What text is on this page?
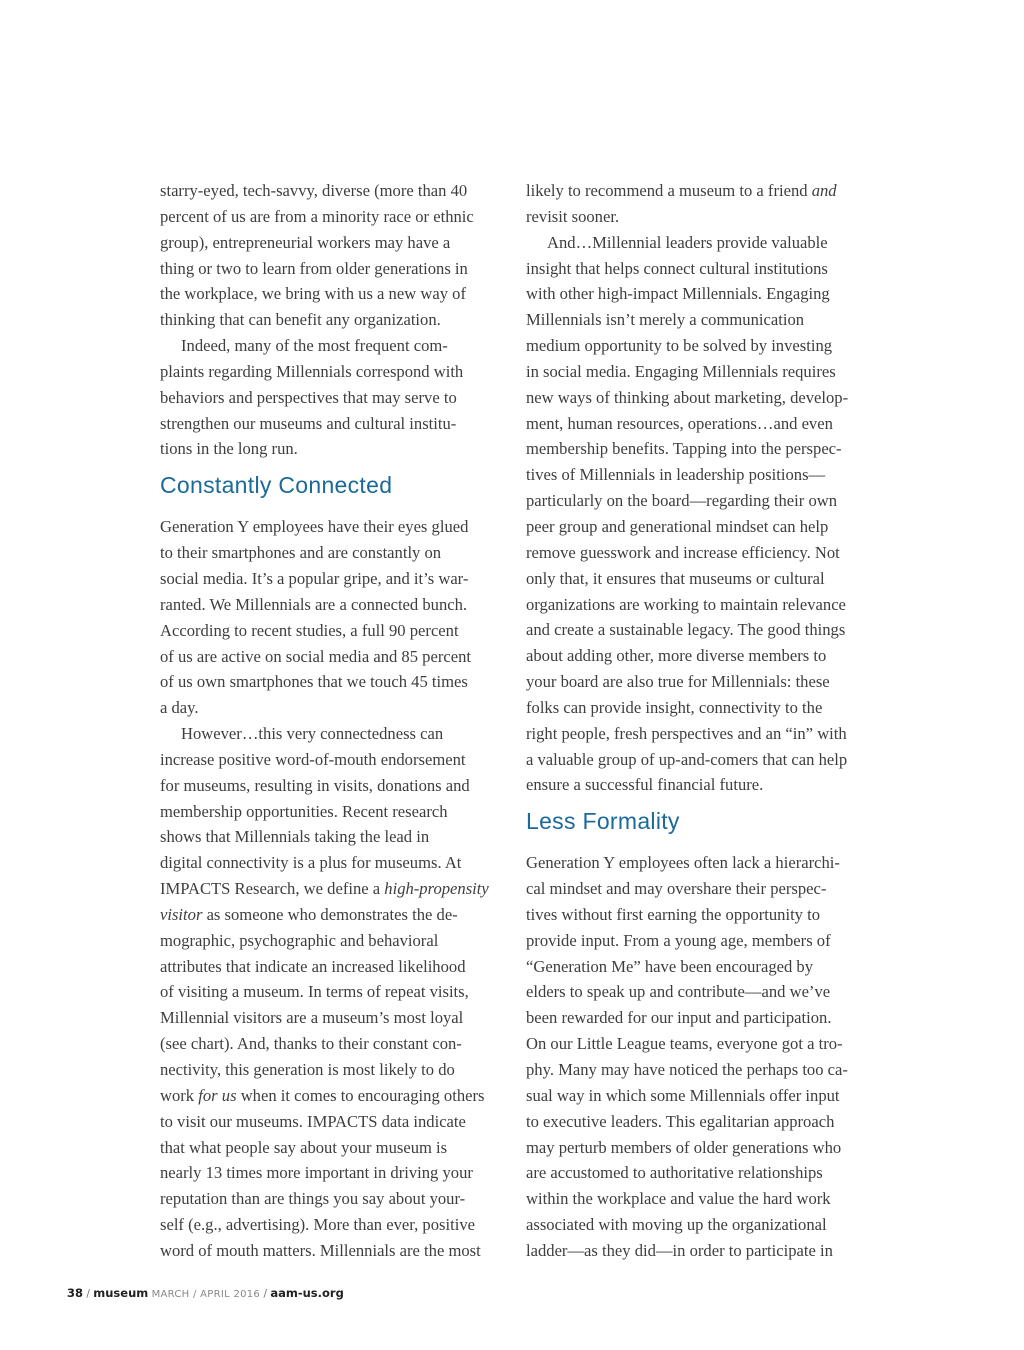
starry-eyed, tech-savvy, diverse (more than 40
percent of us are from a minority race or ethnic
group), entrepreneurial workers may have a
thing or two to learn from older generations in
the workplace, we bring with us a new way of
thinking that can benefit any organization.
Indeed, many of the most frequent com-
plaints regarding Millennials correspond with
behaviors and perspectives that may serve to
strengthen our museums and cultural institu-
tions in the long run.
Constantly Connected
Generation Y employees have their eyes glued
to their smartphones and are constantly on
social media. It’s a popular gripe, and it’s war-
ranted. We Millennials are a connected bunch.
According to recent studies, a full 90 percent
of us are active on social media and 85 percent
of us own smartphones that we touch 45 times
a day.
However…this very connectedness can
increase positive word-of-mouth endorsement
for museums, resulting in visits, donations and
membership opportunities. Recent research
shows that Millennials taking the lead in
digital connectivity is a plus for museums. At
IMPACTS Research, we define a high-propensity
visitor as someone who demonstrates the de-
mographic, psychographic and behavioral
attributes that indicate an increased likelihood
of visiting a museum. In terms of repeat visits,
Millennial visitors are a museum’s most loyal
(see chart). And, thanks to their constant con-
nectivity, this generation is most likely to do
work for us when it comes to encouraging others
to visit our museums. IMPACTS data indicate
that what people say about your museum is
nearly 13 times more important in driving your
reputation than are things you say about your-
self (e.g., advertising). More than ever, positive
word of mouth matters. Millennials are the most
likely to recommend a museum to a friend and
revisit sooner.
And…Millennial leaders provide valuable
insight that helps connect cultural institutions
with other high-impact Millennials. Engaging
Millennials isn’t merely a communication
medium opportunity to be solved by investing
in social media. Engaging Millennials requires
new ways of thinking about marketing, develop-
ment, human resources, operations…and even
membership benefits. Tapping into the perspec-
tives of Millennials in leadership positions—
particularly on the board—regarding their own
peer group and generational mindset can help
remove guesswork and increase efficiency. Not
only that, it ensures that museums or cultural
organizations are working to maintain relevance
and create a sustainable legacy. The good things
about adding other, more diverse members to
your board are also true for Millennials: these
folks can provide insight, connectivity to the
right people, fresh perspectives and an “in” with
a valuable group of up-and-comers that can help
ensure a successful financial future.
Less Formality
Generation Y employees often lack a hierarchi-
cal mindset and may overshare their perspec-
tives without first earning the opportunity to
provide input. From a young age, members of
“Generation Me” have been encouraged by
elders to speak up and contribute—and we’ve
been rewarded for our input and participation.
On our Little League teams, everyone got a tro-
phy. Many may have noticed the perhaps too ca-
sual way in which some Millennials offer input
to executive leaders. This egalitarian approach
may perturb members of older generations who
are accustomed to authoritative relationships
within the workplace and value the hard work
associated with moving up the organizational
ladder—as they did—in order to participate in
38 / museum MARCH / APRIL 2016 / aam-us.org
